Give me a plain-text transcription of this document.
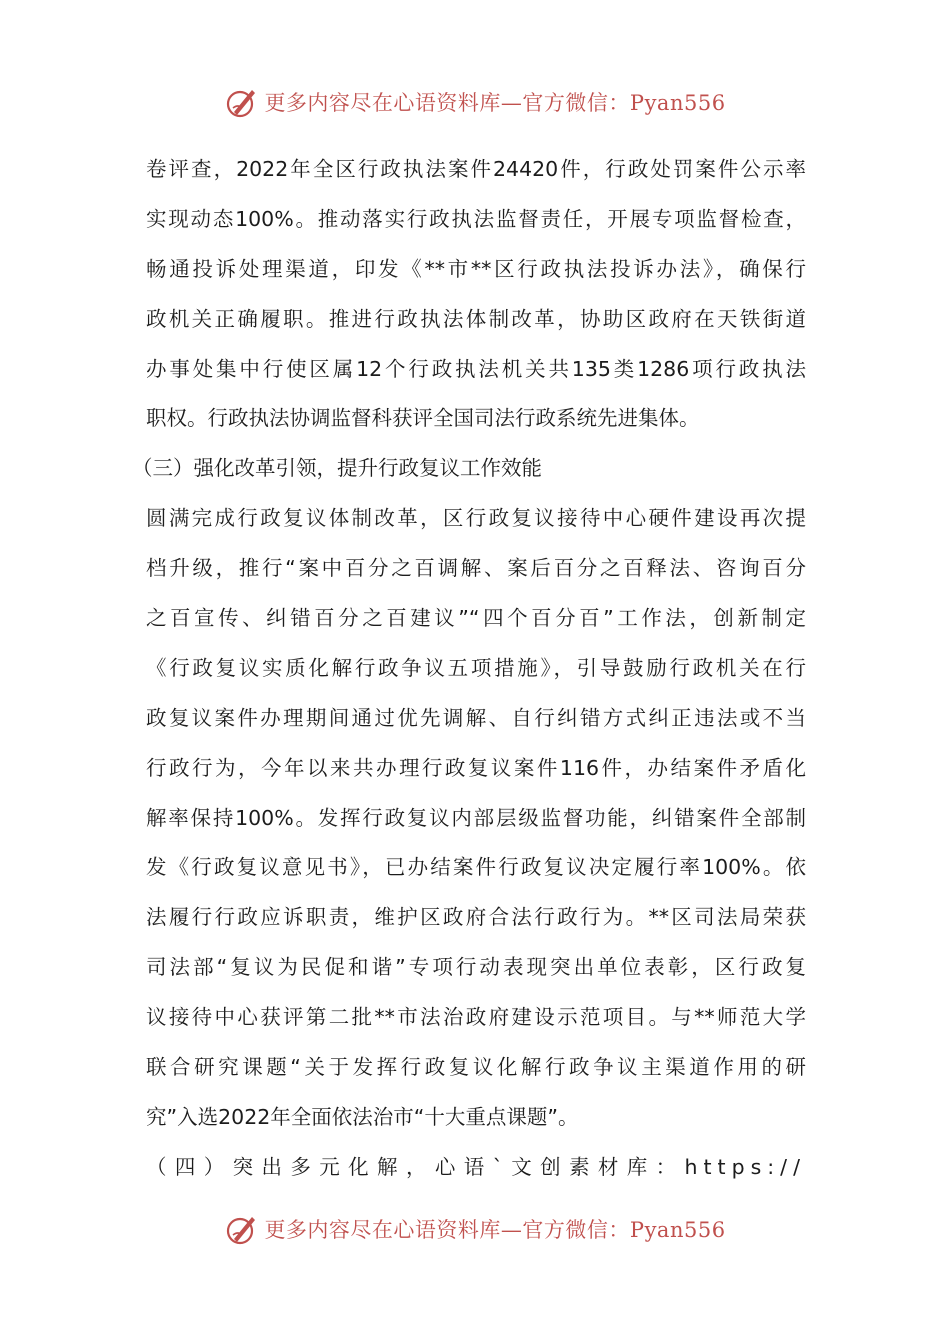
更多内容尽在心语资料库—官方微信：Pyan556
卷评查，2022年全区行政执法案件24420件，行政处罚案件公示率
实现动态100%。推动落实行政执法监督责任，开展专项监督检查，
畅通投诉处理渠道，印发《**市**区行政执法投诉办法》，确保行
政机关正确履职。推进行政执法体制改革，协助区政府在天铁街道
办事处集中行使区属12个行政执法机关共135类1286项行政执法
职权。行政执法协调监督科获评全国司法行政系统先进集体。
（三）强化改革引领，提升行政复议工作效能
圆满完成行政复议体制改革，区行政复议接待中心硬件建设再次提
档升级，推行“案中百分之百调解、案后百分之百释法、咨询百分
之百宣传、纠错百分之百建议”“四个百分百”工作法，创新制定
《行政复议实质化解行政争议五项措施》，引导鼓励行政机关在行
政复议案件办理期间通过优先调解、自行纠错方式纠正违法或不当
行政行为，今年以来共办理行政复议案件116件，办结案件矛盾化
解率保持100%。发挥行政复议内部层级监督功能，纠错案件全部制
发《行政复议意见书》，已办结案件行政复议决定履行率100%。依
法履行行政应诉职责，维护区政府合法行政行为。**区司法局荣获
司法部“复议为民促和谐”专项行动表现突出单位表彰，区行政复
议接待中心获评第二批**市法治政府建设示范项目。与**师范大学
联合研究课题“关于发挥行政复议化解行政争议主渠道作用的研
究”入选2022年全面依法治市“十大重点课题”。
（四）突出多元化解，心语`文创素材库：https://
更多内容尽在心语资料库—官方微信：Pyan556
